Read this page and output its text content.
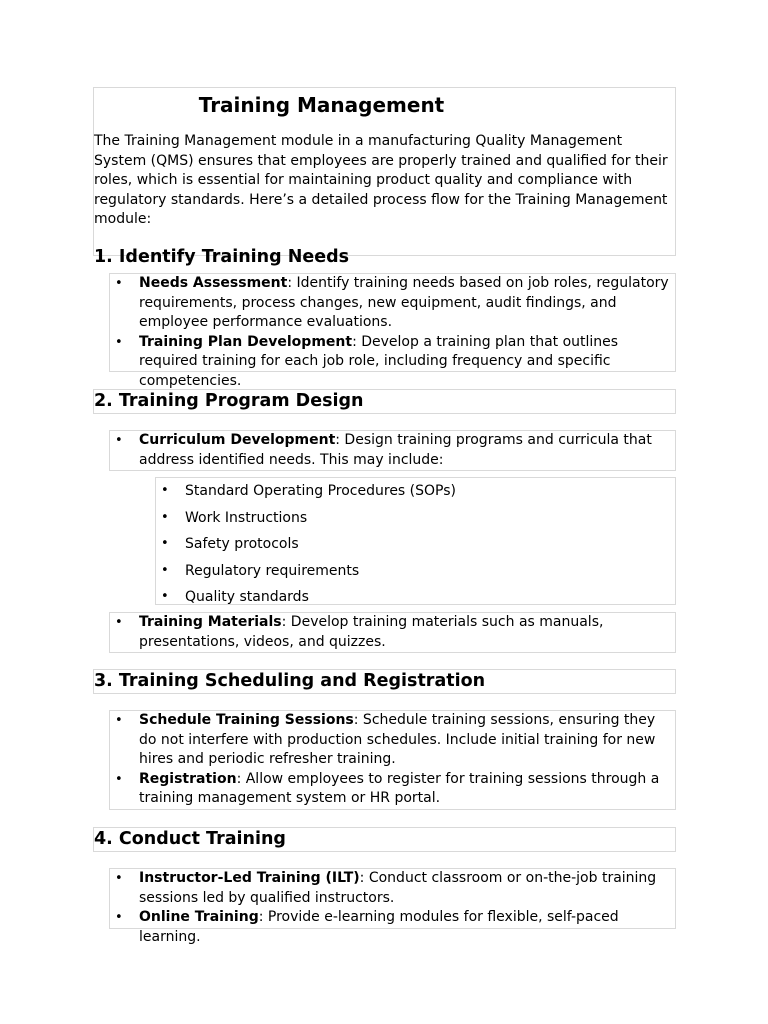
Training Management

The Training Management module in a manufacturing Quality Management System (QMS) ensures that employees are properly trained and qualified for their roles, which is essential for maintaining product quality and compliance with regulatory standards. Here’s a detailed process flow for the Training Management module:

1. Identify Training Needs
• Needs Assessment: Identify training needs based on job roles, regulatory requirements, process changes, new equipment, audit findings, and employee performance evaluations.
• Training Plan Development: Develop a training plan that outlines required training for each job role, including frequency and specific competencies.
2. Training Program Design
• Curriculum Development: Design training programs and curricula that address identified needs. This may include:
• Standard Operating Procedures (SOPs)
• Work Instructions
• Safety protocols
• Regulatory requirements
• Quality standards
• Training Materials: Develop training materials such as manuals, presentations, videos, and quizzes.
3. Training Scheduling and Registration
• Schedule Training Sessions: Schedule training sessions, ensuring they do not interfere with production schedules. Include initial training for new hires and periodic refresher training.
• Registration: Allow employees to register for training sessions through a training management system or HR portal.
4. Conduct Training
• Instructor-Led Training (ILT): Conduct classroom or on-the-job training sessions led by qualified instructors.
• Online Training: Provide e-learning modules for flexible, self-paced learning.
